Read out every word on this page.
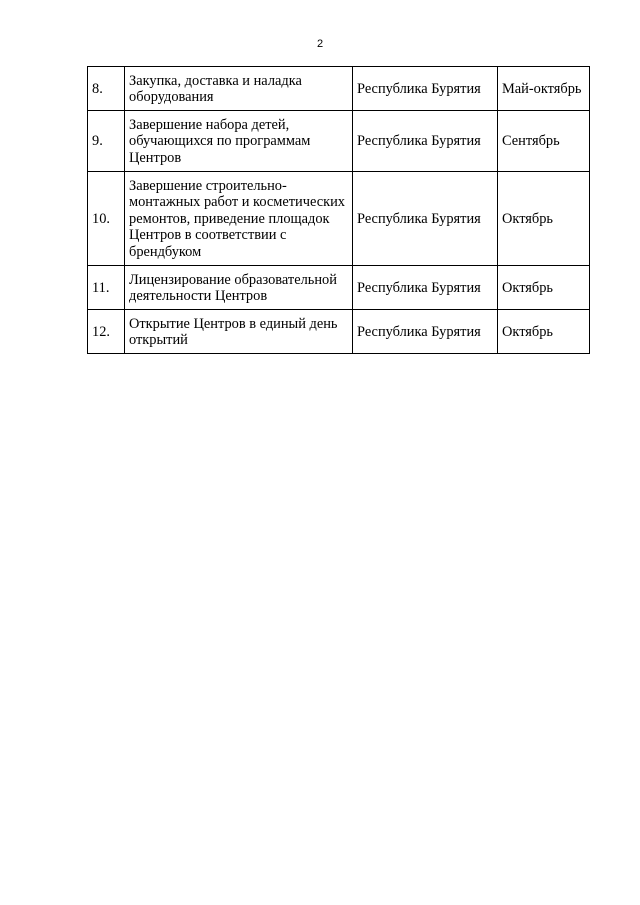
2
8.	Закупка, доставка и наладка оборудования	Республика Бурятия	Май-октябрь
9.	Завершение набора детей, обучающихся по программам Центров	Республика Бурятия	Сентябрь
10.	Завершение строительно-монтажных работ и косметических ремонтов, приведение площадок Центров в соответствии с брендбуком	Республика Бурятия	Октябрь
11.	Лицензирование образовательной деятельности Центров	Республика Бурятия	Октябрь
12.	Открытие Центров в единый день открытий	Республика Бурятия	Октябрь
